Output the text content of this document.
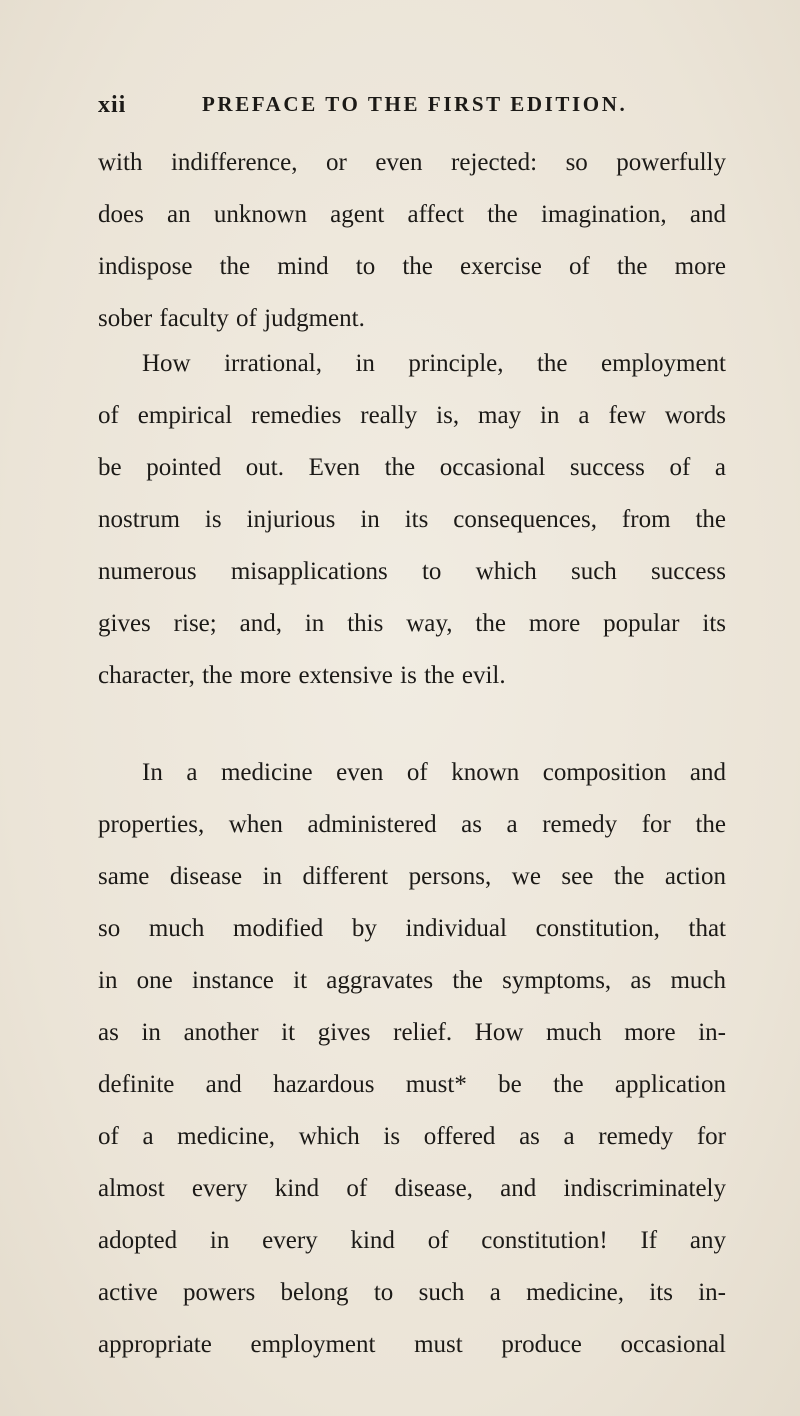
xii	PREFACE TO THE FIRST EDITION.
with indifference, or even rejected: so powerfully
does an unknown agent affect the imagination, and
indispose the mind to the exercise of the more
sober faculty of judgment.
How irrational, in principle, the employment
of empirical remedies really is, may in a few words
be pointed out. Even the occasional success of a
nostrum is injurious in its consequences, from the
numerous misapplications to which such success
gives rise; and, in this way, the more popular its
character, the more extensive is the evil.
In a medicine even of known composition and
properties, when administered as a remedy for the
same disease in different persons, we see the action
so much modified by individual constitution, that
in one instance it aggravates the symptoms, as much
as in another it gives relief. How much more in-
definite and hazardous must* be the application
of a medicine, which is offered as a remedy for
almost every kind of disease, and indiscriminately
adopted in every kind of constitution! If any
active powers belong to such a medicine, its in-
appropriate employment must produce occasional
